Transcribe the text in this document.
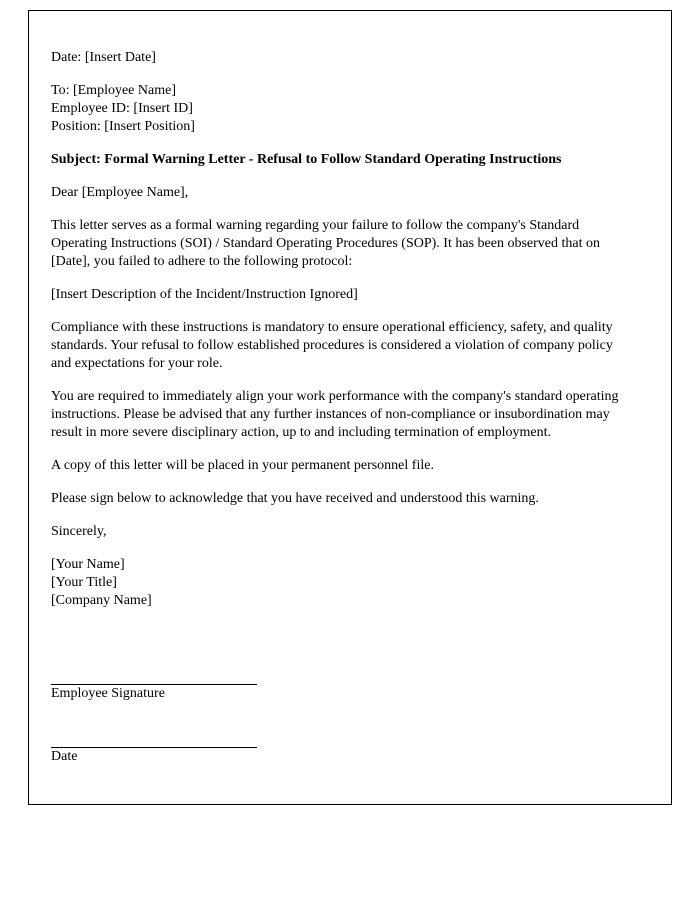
Date: [Insert Date]

To: [Employee Name]

Employee ID: [Insert ID]

Position: [Insert Position]

Subject: Formal Warning Letter - Refusal to Follow Standard Operating Instructions

Dear [Employee Name],

This letter serves as a formal warning regarding your failure to follow the company's Standard Operating Instructions (SOI) / Standard Operating Procedures (SOP). It has been observed that on [Date], you failed to adhere to the following protocol:

[Insert Description of the Incident/Instruction Ignored]

Compliance with these instructions is mandatory to ensure operational efficiency, safety, and quality standards. Your refusal to follow established procedures is considered a violation of company policy and expectations for your role.

You are required to immediately align your work performance with the company's standard operating instructions. Please be advised that any further instances of non-compliance or insubordination may result in more severe disciplinary action, up to and including termination of employment.

A copy of this letter will be placed in your permanent personnel file.

Please sign below to acknowledge that you have received and understood this warning.

Sincerely,

[Your Name]

[Your Title]

[Company Name]

Employee Signature

Date
